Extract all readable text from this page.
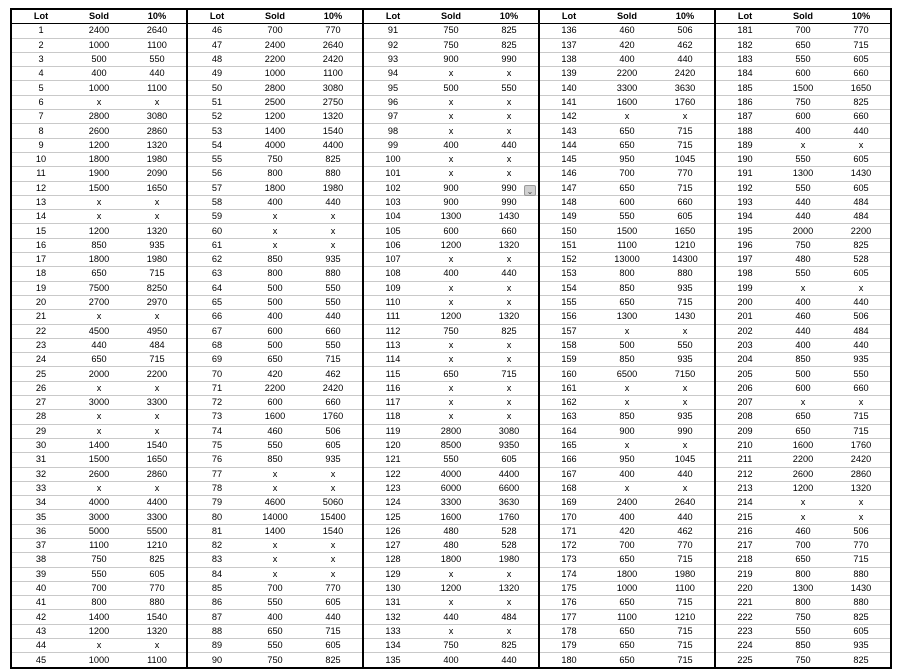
Lot	Sold	10%
1	2400	2640
2	1000	1100
3	500	550
4	400	440
5	1000	1100
6	x	x
7	2800	3080
8	2600	2860
9	1200	1320
10	1800	1980
11	1900	2090
12	1500	1650
13	x	x
14	x	x
15	1200	1320
16	850	935
17	1800	1980
18	650	715
19	7500	8250
20	2700	2970
21	x	x
22	4500	4950
23	440	484
24	650	715
25	2000	2200
26	x	x
27	3000	3300
28	x	x
29	x	x
30	1400	1540
31	1500	1650
32	2600	2860
33	x	x
34	4000	4400
35	3000	3300
36	5000	5500
37	1100	1210
38	750	825
39	550	605
40	700	770
41	800	880
42	1400	1540
43	1200	1320
44	x	x
45	1000	1100
Lot	Sold	10%
46	700	770
47	2400	2640
48	2200	2420
49	1000	1100
50	2800	3080
51	2500	2750
52	1200	1320
53	1400	1540
54	4000	4400
55	750	825
56	800	880
57	1800	1980
58	400	440
59	x	x
60	x	x
61	x	x
62	850	935
63	800	880
64	500	550
65	500	550
66	400	440
67	600	660
68	500	550
69	650	715
70	420	462
71	2200	2420
72	600	660
73	1600	1760
74	460	506
75	550	605
76	850	935
77	x	x
78	x	x
79	4600	5060
80	14000	15400
81	1400	1540
82	x	x
83	x	x
84	x	x
85	700	770
86	550	605
87	400	440
88	650	715
89	550	605
90	750	825
Lot	Sold	10%
91	750	825
92	750	825
93	900	990
94	x	x
95	500	550
96	x	x
97	x	x
98	x	x
99	400	440
100	x	x
101	x	x
102	900	990
103	900	990
104	1300	1430
105	600	660
106	1200	1320
107	x	x
108	400	440
109	x	x
110	x	x
111	1200	1320
112	750	825
113	x	x
114	x	x
115	650	715
116	x	x
117	x	x
118	x	x
119	2800	3080
120	8500	9350
121	550	605
122	4000	4400
123	6000	6600
124	3300	3630
125	1600	1760
126	480	528
127	480	528
128	1800	1980
129	x	x
130	1200	1320
131	x	x
132	440	484
133	x	x
134	750	825
135	400	440
Lot	Sold	10%
136	460	506
137	420	462
138	400	440
139	2200	2420
140	3300	3630
141	1600	1760
142	x	x
143	650	715
144	650	715
145	950	1045
146	700	770
147	650	715
148	600	660
149	550	605
150	1500	1650
151	1100	1210
152	13000	14300
153	800	880
154	850	935
155	650	715
156	1300	1430
157	x	x
158	500	550
159	850	935
160	6500	7150
161	x	x
162	x	x
163	850	935
164	900	990
165	x	x
166	950	1045
167	400	440
168	x	x
169	2400	2640
170	400	440
171	420	462
172	700	770
173	650	715
174	1800	1980
175	1000	1100
176	650	715
177	1100	1210
178	650	715
179	650	715
180	650	715
Lot	Sold	10%
181	700	770
182	650	715
183	550	605
184	600	660
185	1500	1650
186	750	825
187	600	660
188	400	440
189	x	x
190	550	605
191	1300	1430
192	550	605
193	440	484
194	440	484
195	2000	2200
196	750	825
197	480	528
198	550	605
199	x	x
200	400	440
201	460	506
202	440	484
203	400	440
204	850	935
205	500	550
206	600	660
207	x	x
208	650	715
209	650	715
210	1600	1760
211	2200	2420
212	2600	2860
213	1200	1320
214	x	x
215	x	x
216	460	506
217	700	770
218	650	715
219	800	880
220	1300	1430
221	800	880
222	750	825
223	550	605
224	850	935
225	750	825
⌄
